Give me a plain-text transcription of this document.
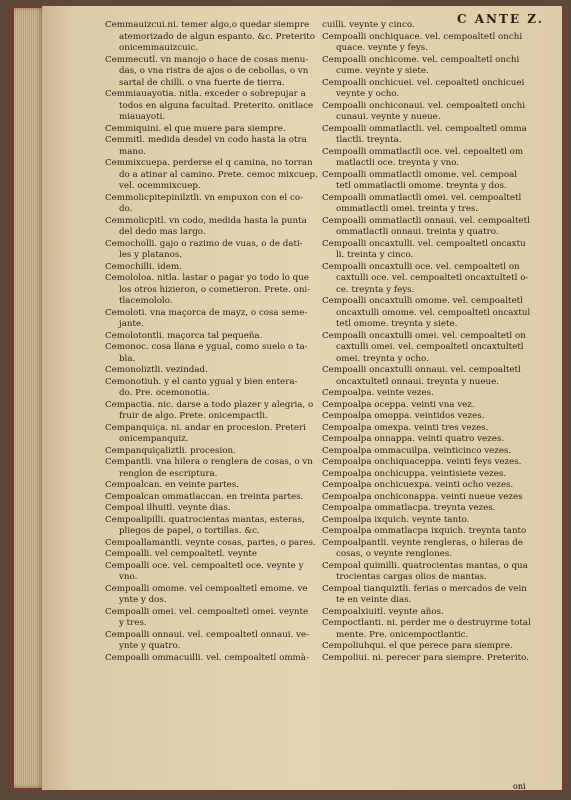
C ANTE Z.
Cemmauizcui.ni. temer algo,o quedar siempre
atemorizado de algun espanto. &c. Preterito
onicemmauizcuic.
Cemmecutl. vn manojo o hace de cosas menu-
das, o vna ristra de ajos o de cebollas, o vn
sartal de chilli. o vna fuerte de tierra.
Cemmiauayotia. nitla. exceder o sobrepujar a
todos en alguna facultad. Preterito. onitlace
miauayoti.
Cemmiquini. el que muere para siempre.
Cemmitl. medida desdel vn codo hasta la otra
mano.
Cemmixcuepa. perderse el q camina, no torran
do a atinar al camino. Prete. cemoc mixcuep.
vel. ocemmixcuep.
Cemmolicpitepinilztli. vn empuxon con el co-
do.
Cemmolicpitl. vn codo, medida hasta la punta
del dedo mas largo.
Cemocholli. gajo o razimo de vuas, o de dati-
les y platanos.
Cemochilli. idem.
Cemololoa. nitla. lastar o pagar yo todo lo que
los otros hizieron, o cometieron. Prete. oni-
tlacemololo.
Cemoloti. vna maçorca de mayz, o cosa seme-
jante.
Cemolotontli. maçorca tal pequeña.
Cemonoc. cosa llana e ygual, como suelo o ta-
bla.
Cemonoliztli. vezindad.
Cemonotiuh. y el canto ygual y bien entera-
do. Pre. ocemonotia.
Cempactia. nic. darse a todo plazer y alegria, o
fruir de algo. Prete. onicempactli.
Cempanquiça. ni. andar en procesion. Preteri
onicempanquiz.
Cempanquiçaliztli. procesion.
Cempantli. vna hilera o renglera de cosas, o vn
renglon de escriptura.
Cempoalcan. en veinte partes.
Cempoalcan ommatlaccan. en treinta partes.
Cempoal ilhuitl. veynte dias.
Cempoalipilli. quatrocientas mantas, esteras,
pliegos de papel, o tortillas. &c.
Cempoallamantli. veynte cosas, partes, o pares.
Cempoalli. vel cempoaltetl. veynte
Cempoalli oce. vel. cempoaltetl oce. veynte y
vno.
Cempoalli omome. vel cempoaltetl emome. ve
ynte y dos.
Cempoalli omei. vel. cempoaltetl omei. veynte
y tres.
Cempoalli onnaui. vel. cempoaltetl onnaui. ve-
ynte y quatro.
Cempoalli ommacuilli. vel. cempoaltetl ommà-
cuilli. veynte y cinco.
Cempoalli onchiquace. vel. cempoaltetl onchi
quace. veynte y feys.
Cempoalli onchicome. vel. cempoaltetl onchi
cume. veynte y siete.
Cempoalli onchicuei. vel. cepoaltetl onchicuei
veynte y ocho.
Cempoalli onchiconaui. vel. cempoaltetl onchi
cunaui. veynte y nueue.
Cempoalli ommatlactli. vel. cempoaltetl omma
tlactli. treynta.
Cempoalli ommatlactli oce. vel. cepoaltetl om
matlactli oce. treynta y vno.
Cempoalli ommatlactli omome. vel. cempoal
tetl ommatlactli omome. treynta y dos.
Cempoalli ommatlactli omei. vel. cempoaltetl
ommatlactli omei. treinta y tres.
Cempoalli ommatlactli onnaui. vel. cempoaltetl
ommatlactli onnaui. treinta y quatro.
Cempoalli oncaxtulli. vel. cempoaltetl oncaxtu
li. treinta y cinco.
Cempoalli oncaxtulli oce. vel. cempoaltetl on
caxtulli oce. vel. cempoaltetl oncaxtultetl o-
ce. treynta y feys.
Cempoalli oncaxtulli omome. vel. cempoaltetl
oncaxtulli omome. vel. cempoaltetl oncaxtul
tetl omome. treynta y siete.
Cempoalli oncaxtulli omei. vel. cempoaltetl on
caxtulli omei. vel. cempoaltetl oncaxtultetl
omei. treynta y ocho.
Cempoalli oncaxtulli onnaui. vel. cempoaltetl
oncaxtultetl onnaui. treynta y nueue.
Cempoalpa. veinte vezes.
Cempoalpa oceppa. veinti vna vez.
Cempoalpa omoppa. veintidos vezes.
Cempoalpa omexpa. veinti tres vezes.
Cempoalpa onnappa. veinti quatro vezes.
Cempoalpa ommacuilpa. veinticinco vezes.
Cempoalpa onchiquaceppa. veinti feys vezes.
Cempoalpa onchicuppa. veintisiete vezes.
Cempoalpa onchicuexpa. veinti ocho vezes.
Cempoalpa onchiconappa. veinti nueue vezes
Cempoalpa ommatlacpa. treynta vezes.
Cempoalpa ixquich. veynte tanto.
Cempoalpa ommatlacpa ixquich. treynta tanto
Cempoalpantli. veynte rengleras, o hileras de
cosas, o veynte renglones.
Cempoal quimilli. quatrocientas mantas, o qua
trocientas cargas olios de mantas.
Cempoal tianquiztli. ferias o mercados de vein
te en veinte dias.
Cempoalxiuitl. veynte años.
Cempoctlanti. ni. perder me o destruyrme total
mente. Pre. onicempoctlantic.
Cempoliuhqui. el que perece para siempre.
Cempoliui. ni. perecer para siempre. Preterito.
oni
